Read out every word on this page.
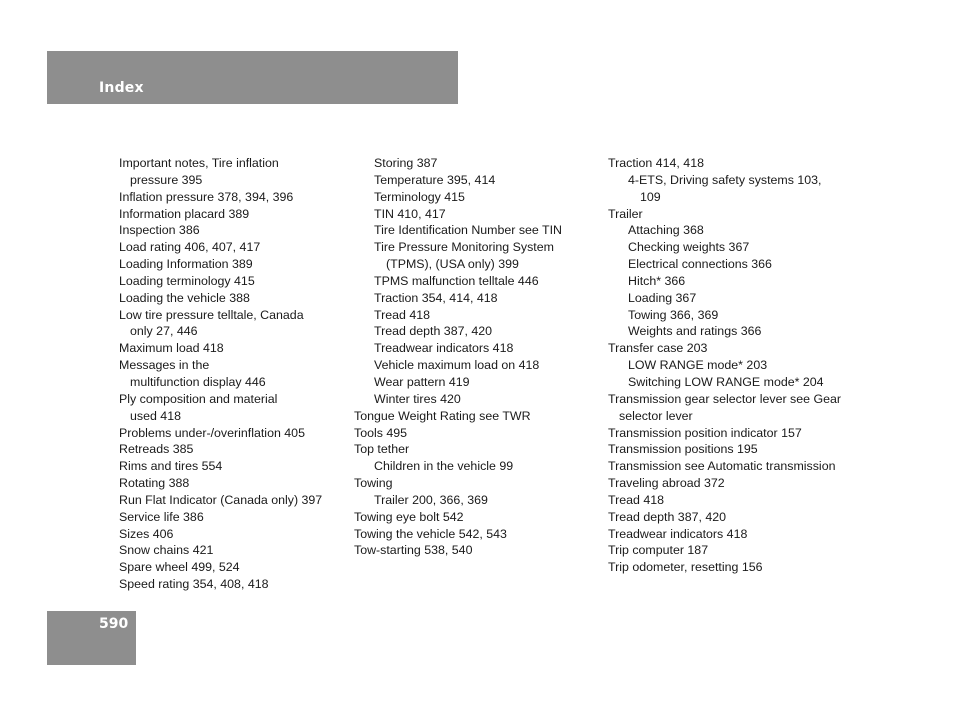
Index
Important notes, Tire inflation
pressure 395
Inflation pressure 378, 394, 396
Information placard 389
Inspection 386
Load rating 406, 407, 417
Loading Information 389
Loading terminology 415
Loading the vehicle 388
Low tire pressure telltale, Canada
only 27, 446
Maximum load 418
Messages in the
multifunction display 446
Ply composition and material
used 418
Problems under-/overinflation 405
Retreads 385
Rims and tires 554
Rotating 388
Run Flat Indicator (Canada only) 397
Service life 386
Sizes 406
Snow chains 421
Spare wheel 499, 524
Speed rating 354, 408, 418
Storing 387
Temperature 395, 414
Terminology 415
TIN 410, 417
Tire Identification Number see TIN
Tire Pressure Monitoring System
(TPMS), (USA only) 399
TPMS malfunction telltale 446
Traction 354, 414, 418
Tread 418
Tread depth 387, 420
Treadwear indicators 418
Vehicle maximum load on 418
Wear pattern 419
Winter tires 420
Tongue Weight Rating see TWR
Tools 495
Top tether
Children in the vehicle 99
Towing
Trailer 200, 366, 369
Towing eye bolt 542
Towing the vehicle 542, 543
Tow-starting 538, 540
Traction 414, 418
4-ETS, Driving safety systems 103,
109
Trailer
Attaching 368
Checking weights 367
Electrical connections 366
Hitch* 366
Loading 367
Towing 366, 369
Weights and ratings 366
Transfer case 203
LOW RANGE mode* 203
Switching LOW RANGE mode* 204
Transmission gear selector lever see Gear
selector lever
Transmission position indicator 157
Transmission positions 195
Transmission see Automatic transmission
Traveling abroad 372
Tread 418
Tread depth 387, 420
Treadwear indicators 418
Trip computer 187
Trip odometer, resetting 156
590
